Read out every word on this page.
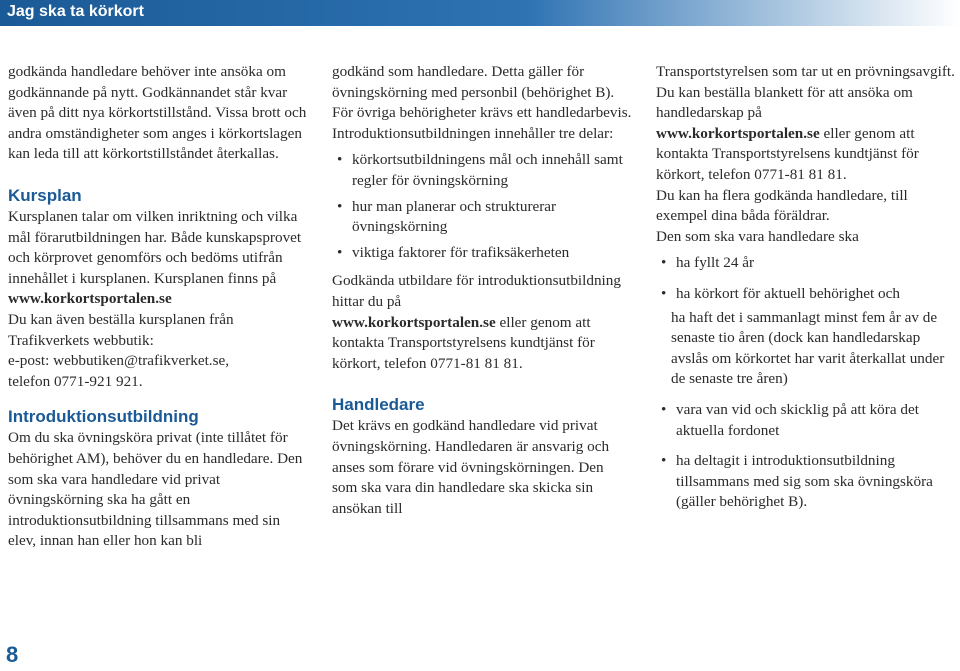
Jag ska ta körkort

godkända handledare behöver inte ansöka om godkännande på nytt. Godkännandet står kvar även på ditt nya körkortstillstånd. Vissa brott och andra omständigheter som anges i körkortslagen kan leda till att körkortstillståndet återkallas.

Kursplan

Kursplanen talar om vilken inriktning och vilka mål förarutbildningen har. Både kunskapsprovet och körprovet genomförs och bedöms utifrån innehållet i kursplanen. Kursplanen finns på

www.korkortsportalen.se

Du kan även beställa kursplanen från Trafikverkets webbutik:

e-post: webbutiken@trafikverket.se,

telefon 0771-921 921.

Introduktionsutbildning

Om du ska övningsköra privat (inte tillåtet för behörighet AM), behöver du en handledare. Den som ska vara handledare vid privat övningskörning ska ha gått en introduktionsutbildning tillsammans med sin elev, innan han eller hon kan bli

godkänd som handledare. Detta gäller för övningskörning med personbil (behörighet B). För övriga behörigheter krävs ett handledarbevis.

Introduktionsutbildningen innehåller tre delar:

• körkortsutbildningens mål och innehåll samt regler för övningskörning
• hur man planerar och strukturerar övningskörning
• viktiga faktorer för trafiksäkerheten

Godkända utbildare för introduktionsutbildning hittar du på
www.korkortsportalen.se eller genom att kontakta Transportstyrelsens kundtjänst för körkort, telefon 0771-81 81 81.

Handledare

Det krävs en godkänd handledare vid privat övningskörning. Handledaren är ansvarig och anses som förare vid övningskörningen. Den som ska vara din handledare ska skicka sin ansökan till

Transportstyrelsen som tar ut en prövningsavgift.

Du kan beställa blankett för att ansöka om handledarskap på

www.korkortsportalen.se eller genom att kontakta Transportstyrelsens kundtjänst för körkort, telefon 0771-81 81 81.

Du kan ha flera godkända handledare, till exempel dina båda föräldrar.

Den som ska vara handledare ska

• ha fyllt 24 år
• ha körkort för aktuell behörighet och
ha haft det i sammanlagt minst fem år av de senaste tio åren (dock kan handledarskap avslås om körkortet har varit återkallat under de senaste tre åren)
• vara van vid och skicklig på att köra det aktuella fordonet
• ha deltagit i introduktionsutbildning tillsammans med sig som ska övningsköra (gäller behörighet B).
8
